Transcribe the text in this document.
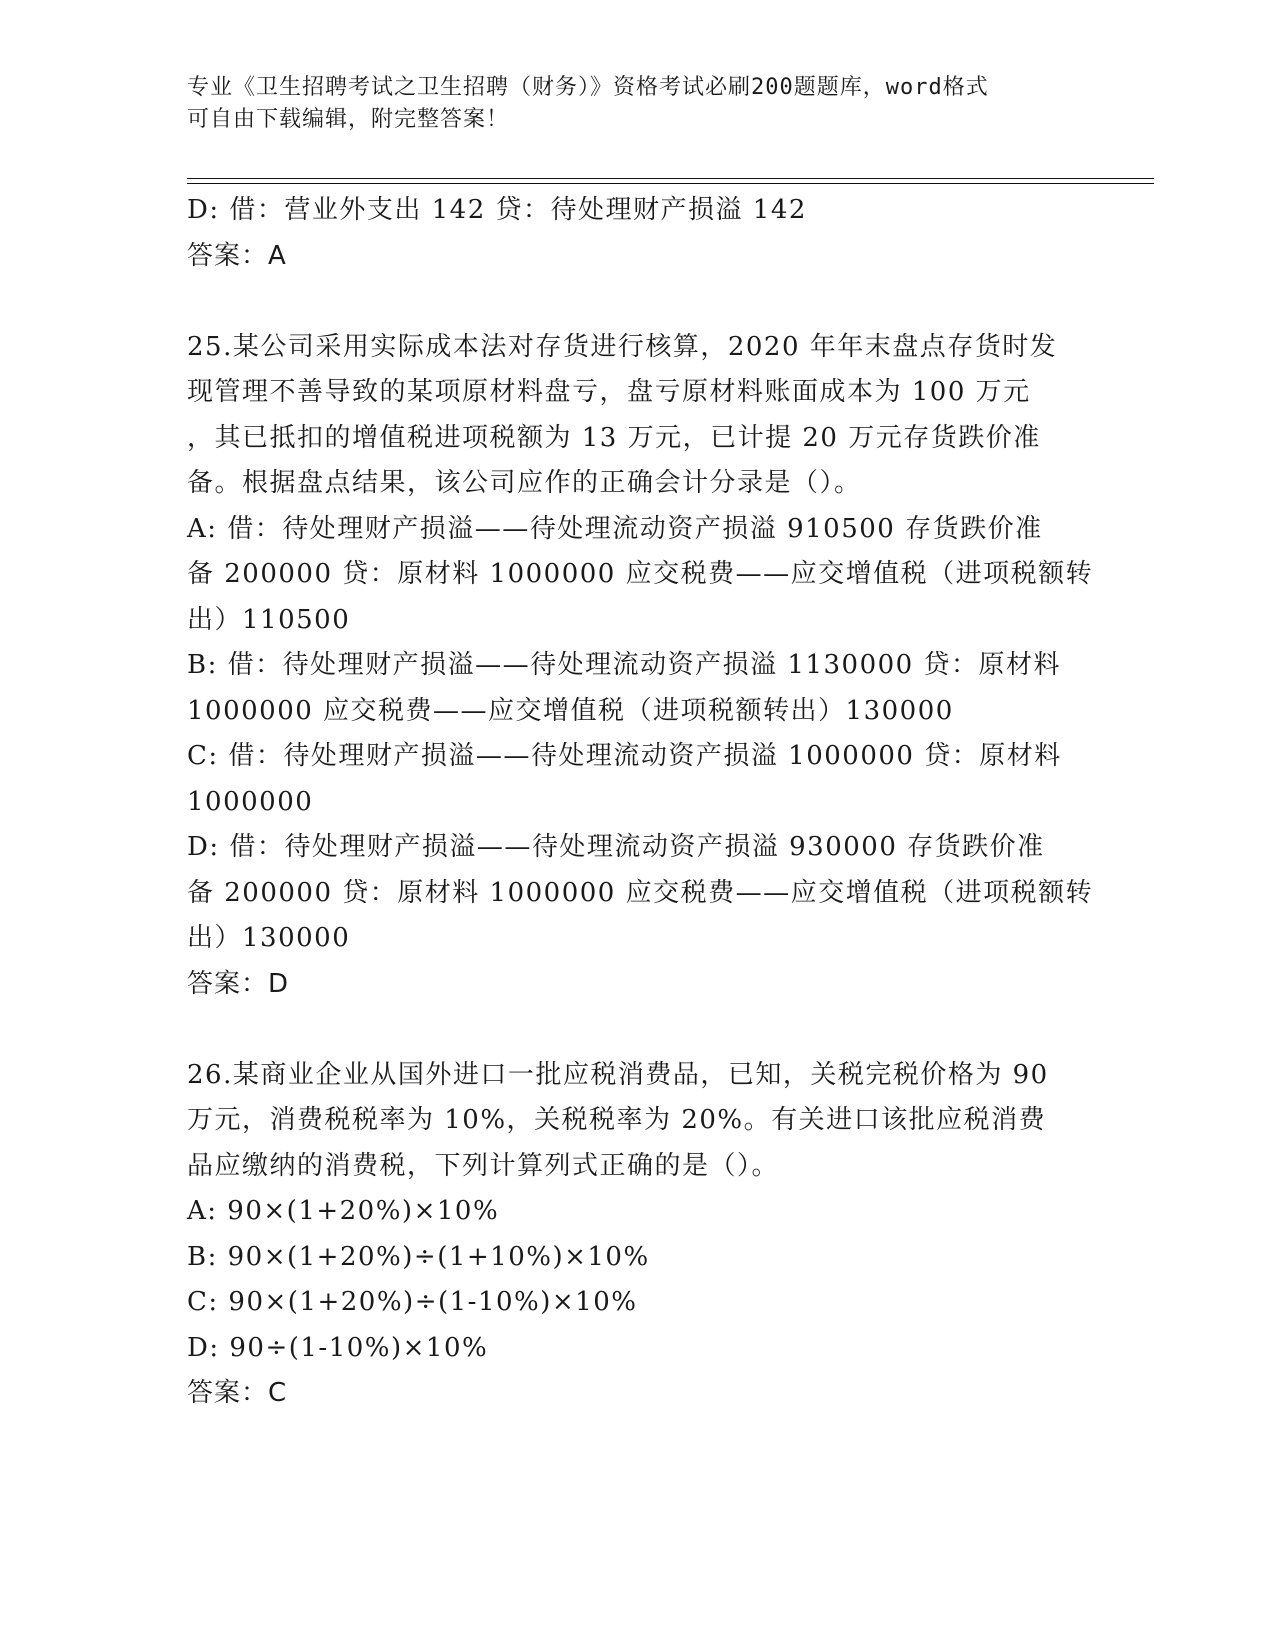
专业《卫生招聘考试之卫生招聘（财务）》资格考试必刷200题题库，word格式
可自由下载编辑，附完整答案！
D: 借：营业外支出 142 贷：待处理财产损溢 142
答案：A
25.某公司采用实际成本法对存货进行核算，2020 年年末盘点存货时发
现管理不善导致的某项原材料盘亏，盘亏原材料账面成本为 100 万元
，其已抵扣的增值税进项税额为 13 万元，已计提 20 万元存货跌价准
备。根据盘点结果，该公司应作的正确会计分录是（）。
A: 借：待处理财产损溢——待处理流动资产损溢 910500 存货跌价准
备 200000 贷：原材料 1000000 应交税费——应交增值税（进项税额转
出）110500
B: 借：待处理财产损溢——待处理流动资产损溢 1130000 贷：原材料
1000000 应交税费——应交增值税（进项税额转出）130000
C: 借：待处理财产损溢——待处理流动资产损溢 1000000 贷：原材料
1000000
D: 借：待处理财产损溢——待处理流动资产损溢 930000 存货跌价准
备 200000 贷：原材料 1000000 应交税费——应交增值税（进项税额转
出）130000
答案：D
26.某商业企业从国外进口一批应税消费品，已知，关税完税价格为 90
万元，消费税税率为 10%，关税税率为 20%。有关进口该批应税消费
品应缴纳的消费税，下列计算列式正确的是（）。
A: 90×(1+20%)×10%
B: 90×(1+20%)÷(1+10%)×10%
C: 90×(1+20%)÷(1-10%)×10%
D: 90÷(1-10%)×10%
答案：C
